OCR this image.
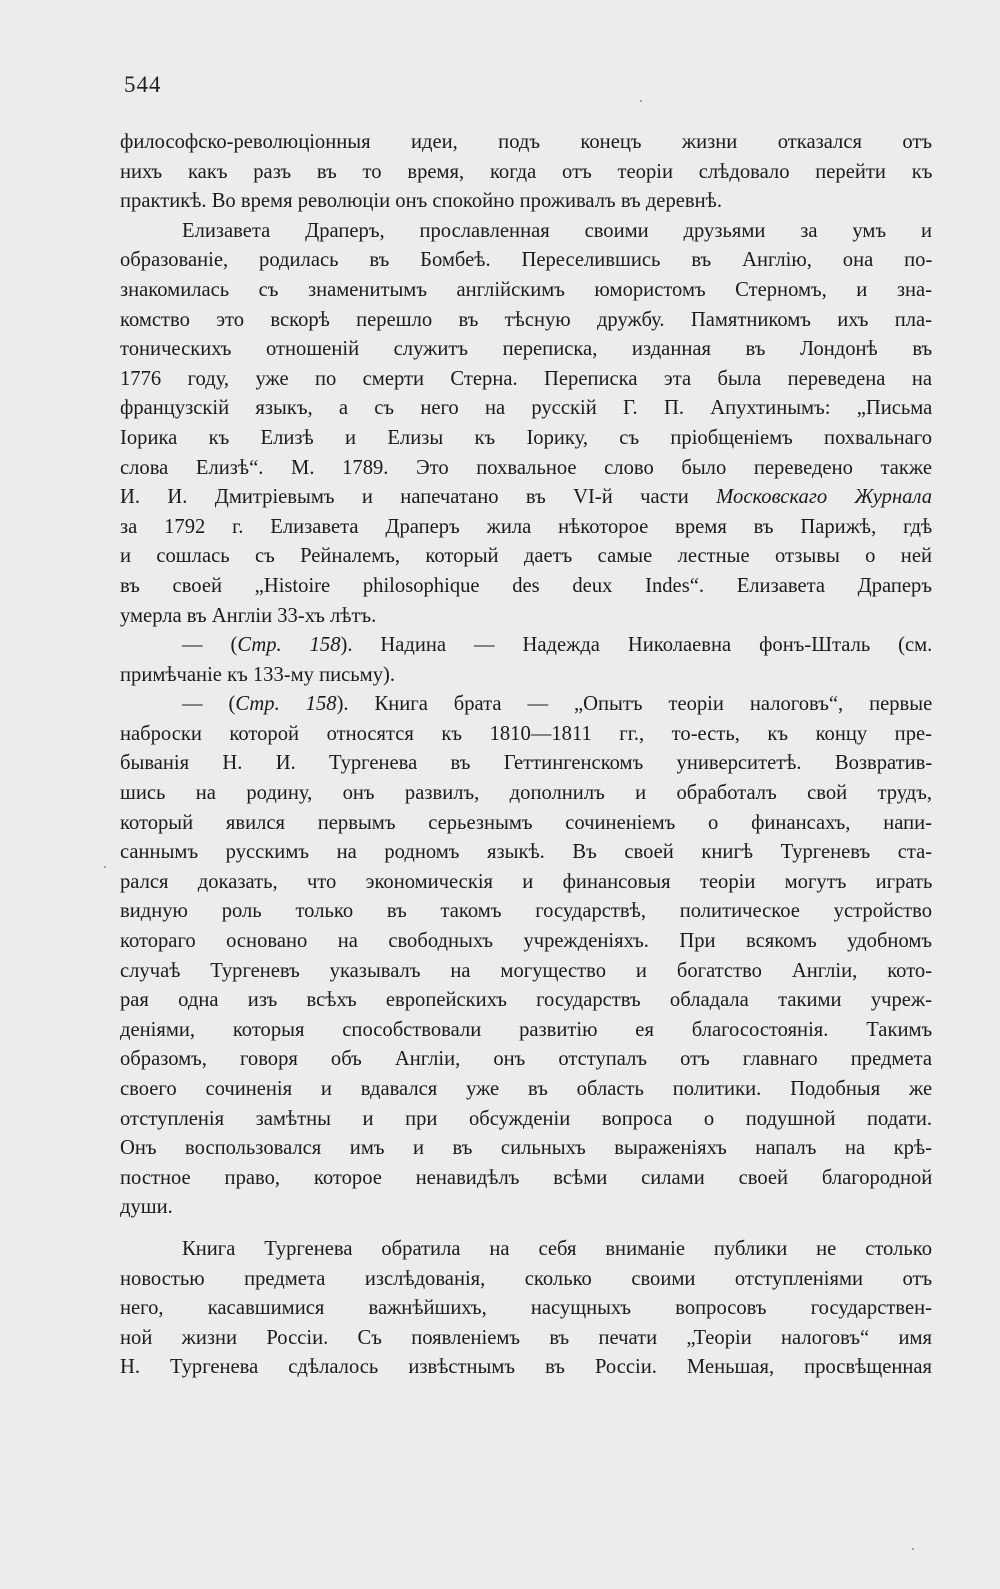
544

философско-революціонныя идеи, подъ конецъ жизни отказался отъ
нихъ какъ разъ въ то время, когда отъ теоріи слѣдовало перейти къ
практикѣ. Во время революціи онъ спокойно проживалъ въ деревнѣ.

Елизавета Драперъ, прославленная своими друзьями за умъ и
образованіе, родилась въ Бомбеѣ. Переселившись въ Англію, она по-
знакомилась съ знаменитымъ англійскимъ юмористомъ Стерномъ, и зна-
комство это вскорѣ перешло въ тѣсную дружбу. Памятникомъ ихъ пла-
тоническихъ отношеній служитъ переписка, изданная въ Лондонѣ въ
1776 году, уже по смерти Стерна. Переписка эта была переведена на
французскій языкъ, а съ него на русскій Г. П. Апухтинымъ: „Письма
Іорика къ Елизѣ и Елизы къ Іорику, съ пріобщеніемъ похвальнаго
слова Елизѣ“. М. 1789. Это похвальное слово было переведено также
И. И. Дмитріевымъ и напечатано въ VI-й части Московскаго Журнала
за 1792 г. Елизавета Драперъ жила нѣкоторое время въ Парижѣ, гдѣ
и сошлась съ Рейналемъ, который даетъ самые лестные отзывы о ней
въ своей „Histoire philosophique des deux Indes“. Елизавета Драперъ
умерла въ Англіи 33-хъ лѣтъ.

— (Стр. 158). Надина — Надежда Николаевна фонъ-Шталь (см.
примѣчаніе къ 133-му письму).

— (Стр. 158). Книга брата — „Опытъ теоріи налоговъ“, первые
наброски которой относятся къ 1810—1811 гг., то-есть, къ концу пре-
быванія Н. И. Тургенева въ Геттингенскомъ университетѣ. Возвратив-
шись на родину, онъ развилъ, дополнилъ и обработалъ свой трудъ,
который явился первымъ серьезнымъ сочиненіемъ о финансахъ, напи-
саннымъ русскимъ на родномъ языкѣ. Въ своей книгѣ Тургеневъ ста-
рался доказать, что экономическія и финансовыя теоріи могутъ играть
видную роль только въ такомъ государствѣ, политическое устройство
котораго основано на свободныхъ учрежденіяхъ. При всякомъ удобномъ
случаѣ Тургеневъ указывалъ на могущество и богатство Англіи, кото-
рая одна изъ всѣхъ европейскихъ государствъ обладала такими учреж-
деніями, которыя способствовали развитію ея благосостоянія. Такимъ
образомъ, говоря объ Англіи, онъ отступалъ отъ главнаго предмета
своего сочиненія и вдавался уже въ область политики. Подобныя же
отступленія замѣтны и при обсужденіи вопроса о подушной подати.
Онъ воспользовался имъ и въ сильныхъ выраженіяхъ напалъ на крѣ-
постное право, которое ненавидѣлъ всѣми силами своей благородной
души.

Книга Тургенева обратила на себя вниманіе публики не столько
новостью предмета изслѣдованія, сколько своими отступленіями отъ
него, касавшимися важнѣйшихъ, насущныхъ вопросовъ государствен-
ной жизни Россіи. Съ появленіемъ въ печати „Теоріи налоговъ“ имя
Н. Тургенева сдѣлалось извѣстнымъ въ Россіи. Меньшая, просвѣщенная
